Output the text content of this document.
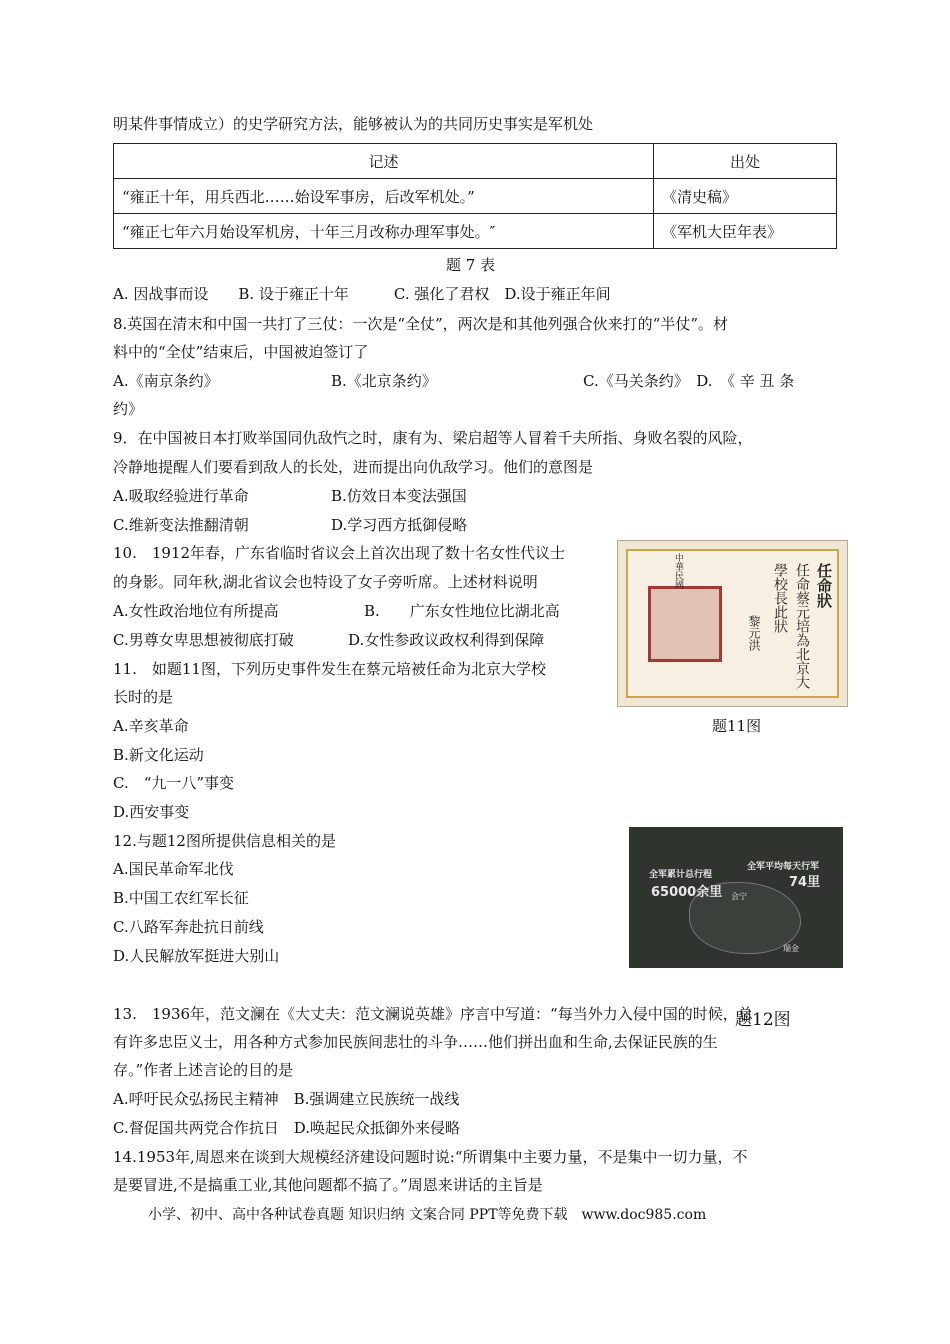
明某件事情成立）的史学研究方法，能够被认为的共同历史事实是军机处
记述	出处
“雍正十年，用兵西北……始设军事房，后改军机处。”	《清史稿》
“雍正七年六月始设军机房，十年三月改称办理军事处。″	《军机大臣年表》
题 7 表
A. 因战事而设　　B. 设于雍正十年　　　C. 强化了君权　D.设于雍正年间
8.英国在清末和中国一共打了三仗：一次是“全仗”，两次是和其他列强合伙来打的“半仗”。材
料中的“全仗”结束后，中国被迫签订了
A.《南京条约》	B.《北京条约》	C.《马关条约》　D.　《 辛 丑 条
约》
9．在中国被日本打败举国同仇敌忾之时，康有为、梁启超等人冒着千夫所指、身败名裂的风险，
冷静地提醒人们要看到敌人的长处，进而提出向仇敌学习。他们的意图是
A.吸取经验进行革命	B.仿效日本变法强国
C.维新变法推翻清朝	D.学习西方抵御侵略
10.　1912年春，广东省临时省议会上首次出现了数十名女性代议士
的身影。同年秋,湖北省议会也特设了女子旁听席。上述材料说明
A.女性政治地位有所提高	B.　　广东女性地位比湖北高
C.男尊女卑思想被彻底打破	D.女性参政议政权利得到保障
11.　如题11图，下列历史事件发生在蔡元培被任命为北京大学校
长时的是
A.辛亥革命
B.新文化运动
C.　“九一八”事变
D.西安事变
任命狀
任命蔡元培為北京大
學校長此狀
黎元洪
中華民國
题11图
12.与题12图所提供信息相关的是
A.国民革命军北伐
B.中国工农红军长征
C.八路军奔赴抗日前线
D.人民解放军挺进大别山
全军累计总行程
65000余里
全军平均每天行军
74里
会宁
瑞金
13.　1936年，范文澜在《大丈夫：范文澜说英雄》序言中写道：“每当外力入侵中国的时候，总
题12图
有许多忠臣义士，用各种方式参加民族间悲壮的斗争……他们拼出血和生命,去保证民族的生
存。”作者上述言论的目的是
A.呼吁民众弘扬民主精神　B.强调建立民族统一战线
C.督促国共两党合作抗日　D.唤起民众抵御外来侵略
14.1953年,周恩来在谈到大规模经济建设问题时说:“所谓集中主要力量，不是集中一切力量，不
是要冒进,不是搞重工业,其他问题都不搞了。”周恩来讲话的主旨是
小学、初中、高中各种试卷真题 知识归纳 文案合同 PPT等免费下载　www.doc985.com
